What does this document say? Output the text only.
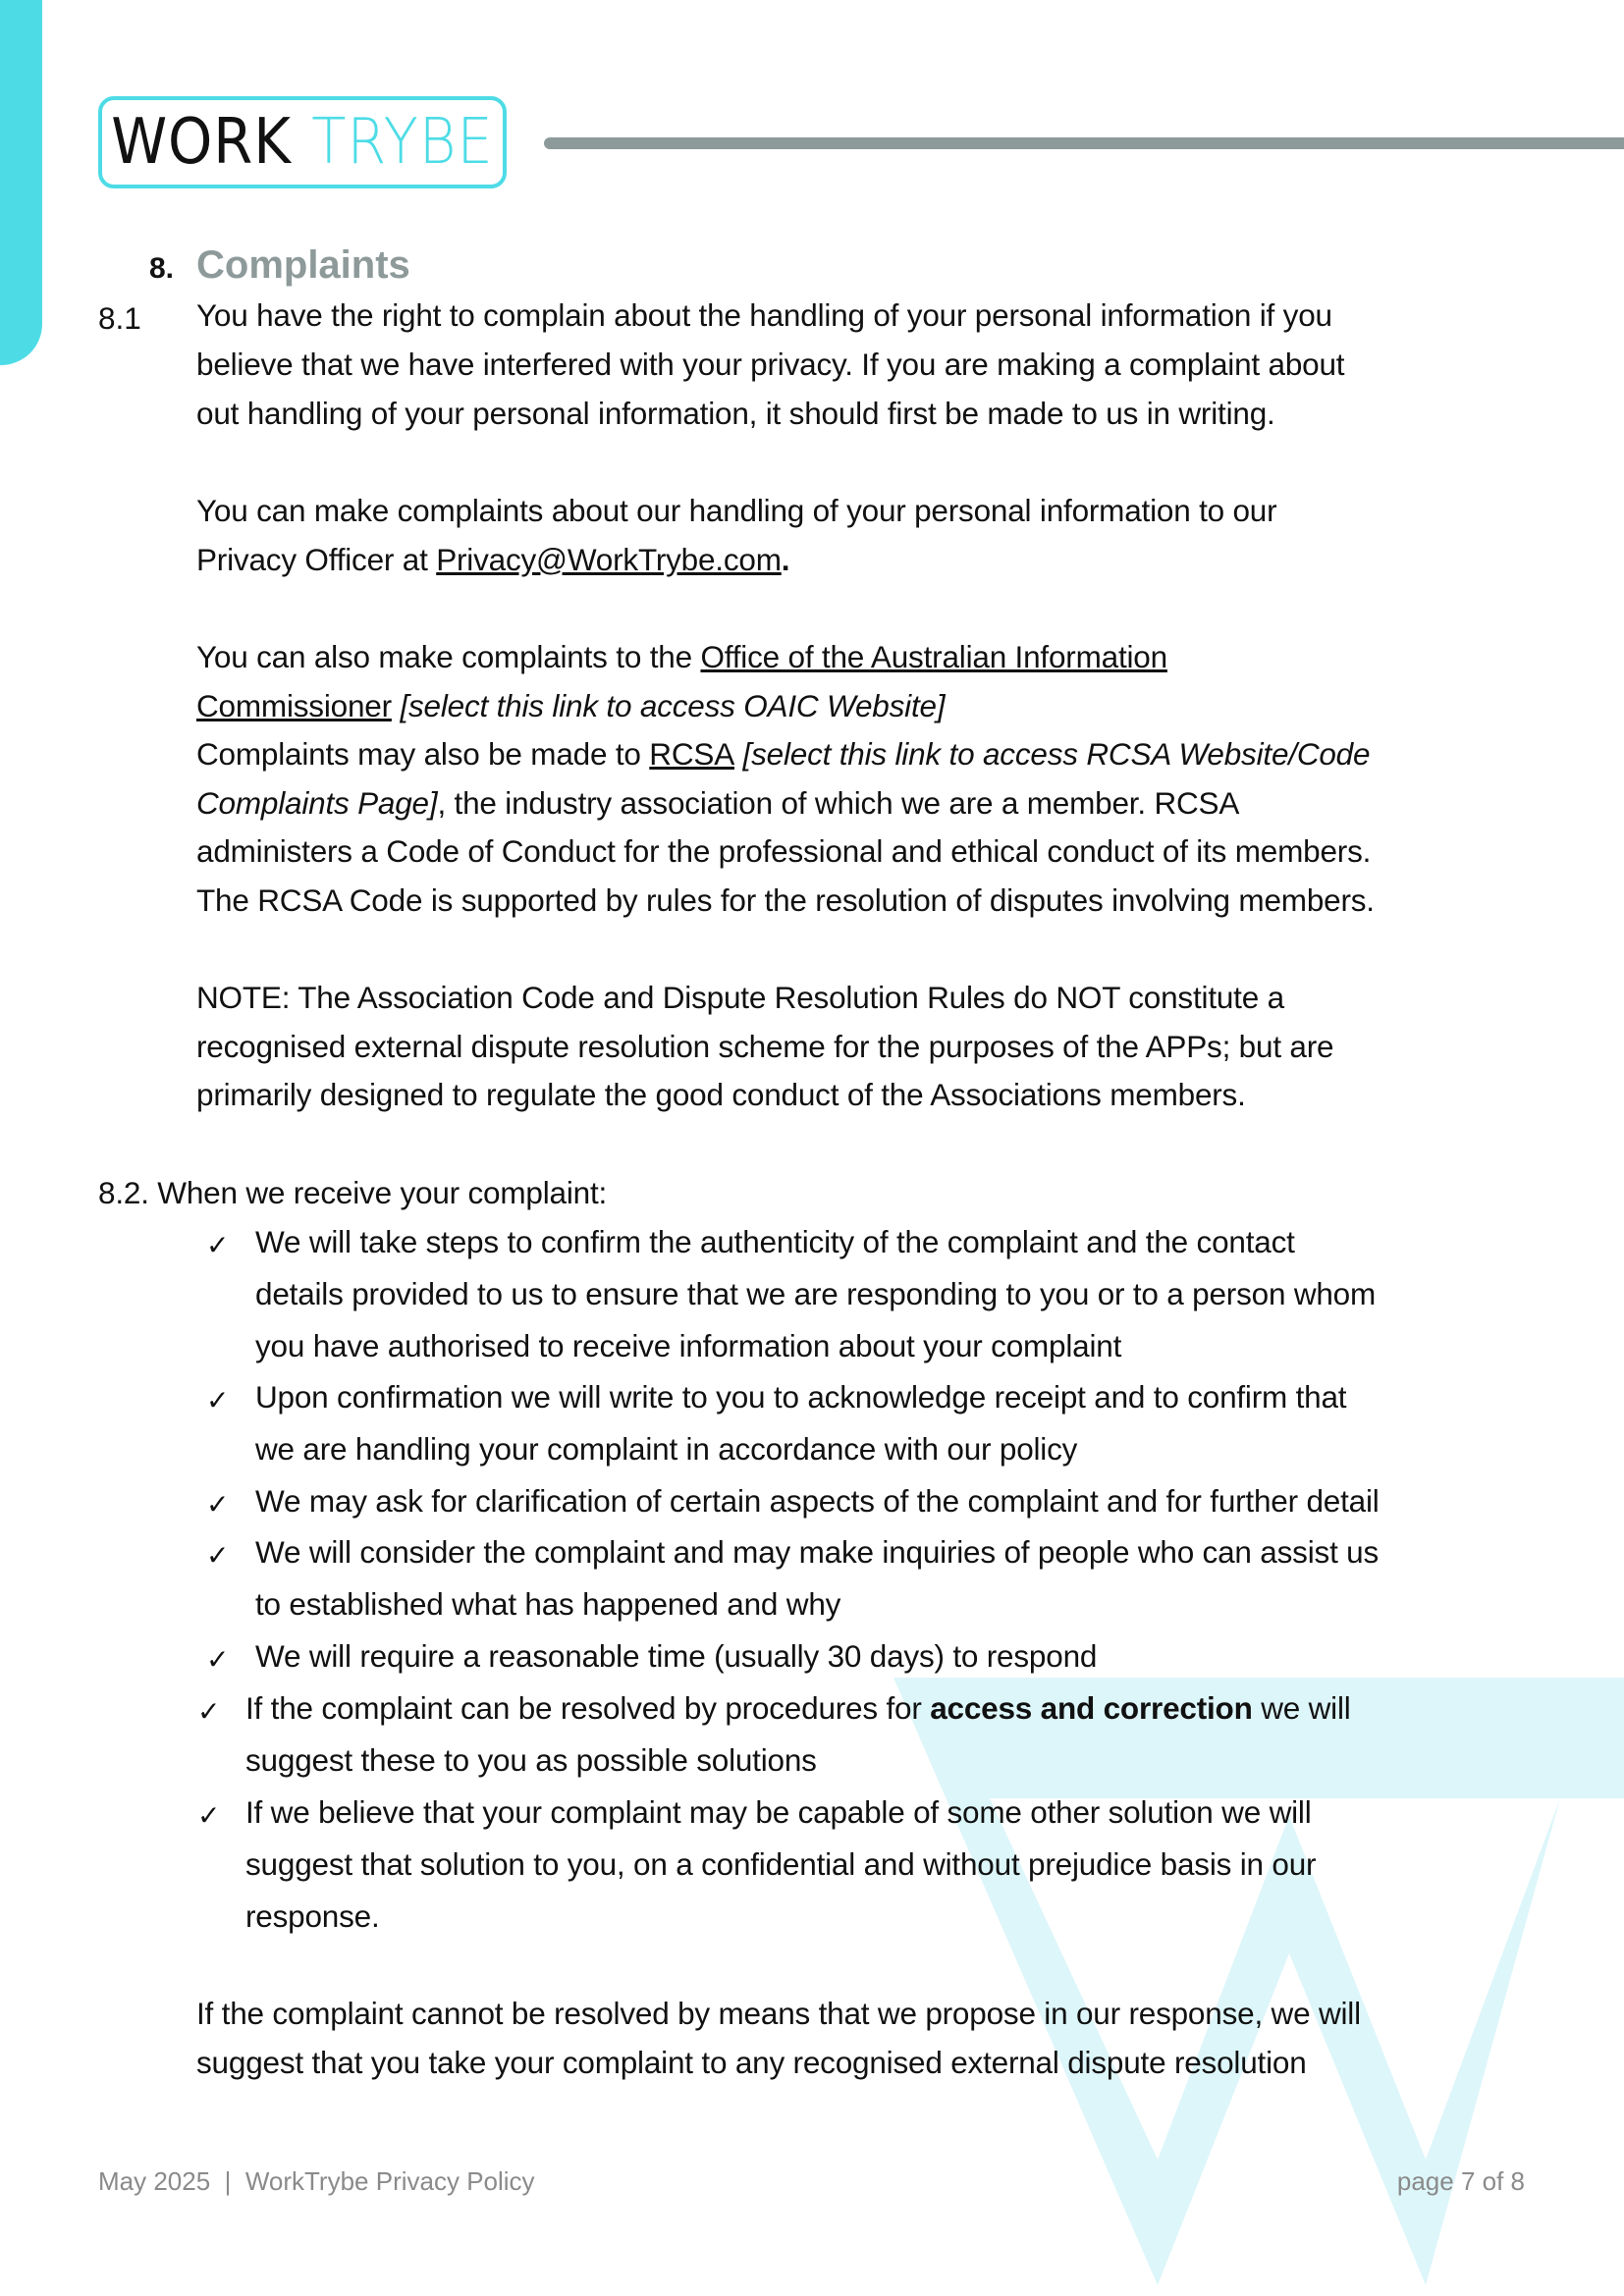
WORK TRYBE
8. Complaints
8.1 You have the right to complain about the handling of your personal information if you
believe that we have interfered with your privacy. If you are making a complaint about
out handling of your personal information, it should first be made to us in writing.
You can make complaints about our handling of your personal information to our
Privacy Officer at Privacy@WorkTrybe.com.
You can also make complaints to the Office of the Australian Information
Commissioner [select this link to access OAIC Website]
Complaints may also be made to RCSA [select this link to access RCSA Website/Code
Complaints Page], the industry association of which we are a member. RCSA
administers a Code of Conduct for the professional and ethical conduct of its members.
The RCSA Code is supported by rules for the resolution of disputes involving members.
NOTE: The Association Code and Dispute Resolution Rules do NOT constitute a
recognised external dispute resolution scheme for the purposes of the APPs; but are
primarily designed to regulate the good conduct of the Associations members.
8.2. When we receive your complaint:
✓ We will take steps to confirm the authenticity of the complaint and the contact
details provided to us to ensure that we are responding to you or to a person whom
you have authorised to receive information about your complaint
✓ Upon confirmation we will write to you to acknowledge receipt and to confirm that
we are handling your complaint in accordance with our policy
✓ We may ask for clarification of certain aspects of the complaint and for further detail
✓ We will consider the complaint and may make inquiries of people who can assist us
to established what has happened and why
✓ We will require a reasonable time (usually 30 days) to respond
✓ If the complaint can be resolved by procedures for access and correction we will
suggest these to you as possible solutions
✓ If we believe that your complaint may be capable of some other solution we will
suggest that solution to you, on a confidential and without prejudice basis in our
response.
If the complaint cannot be resolved by means that we propose in our response, we will
suggest that you take your complaint to any recognised external dispute resolution
May 2025  |  WorkTrybe Privacy Policy	page 7 of 8
